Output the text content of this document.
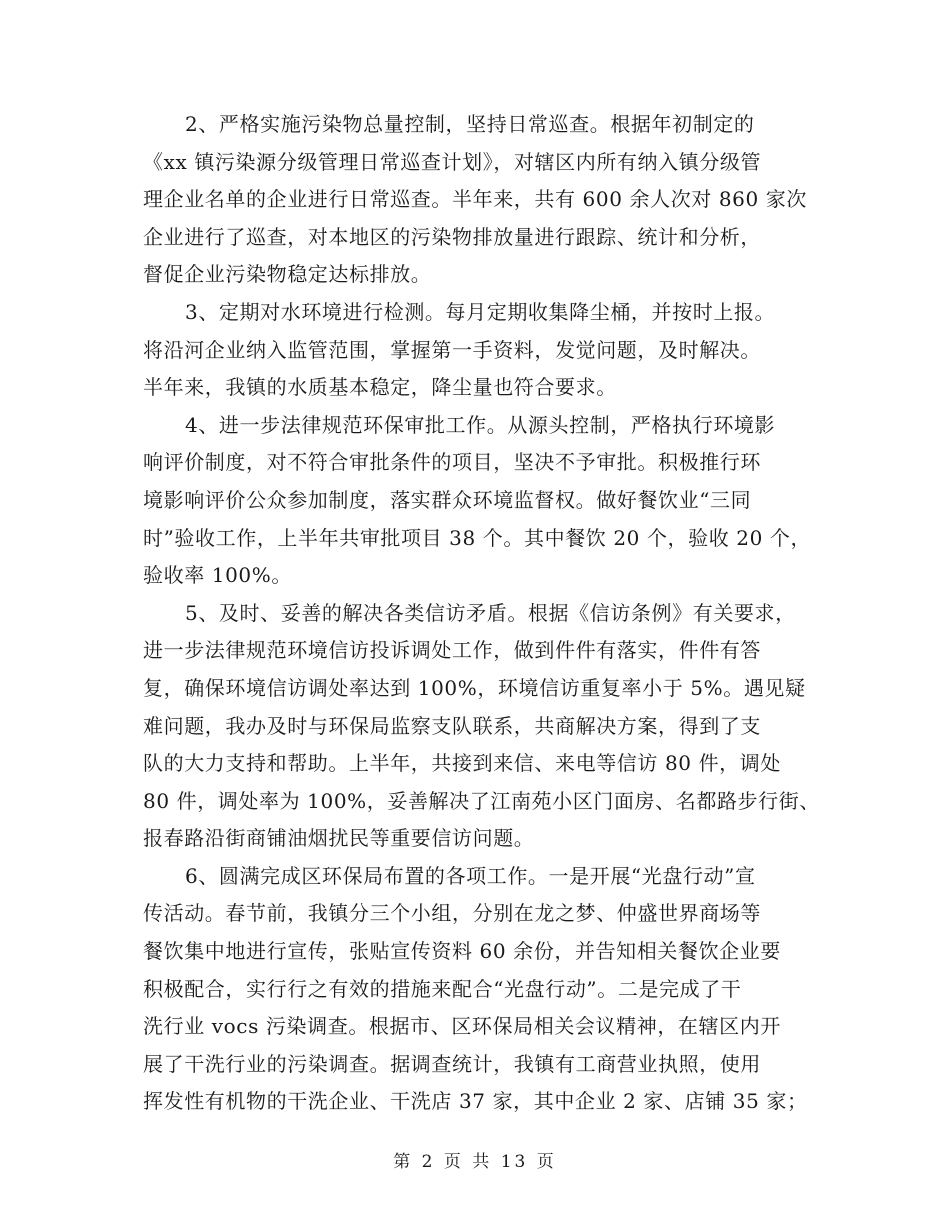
2、严格实施污染物总量控制，坚持日常巡查。根据年初制定的
《xx 镇污染源分级管理日常巡查计划》，对辖区内所有纳入镇分级管
理企业名单的企业进行日常巡查。半年来，共有 600 余人次对 860 家次
企业进行了巡查，对本地区的污染物排放量进行跟踪、统计和分析，
督促企业污染物稳定达标排放。
3、定期对水环境进行检测。每月定期收集降尘桶，并按时上报。
将沿河企业纳入监管范围，掌握第一手资料，发觉问题，及时解决。
半年来，我镇的水质基本稳定，降尘量也符合要求。
4、进一步法律规范环保审批工作。从源头控制，严格执行环境影
响评价制度，对不符合审批条件的项目，坚决不予审批。积极推行环
境影响评价公众参加制度，落实群众环境监督权。做好餐饮业“三同
时”验收工作，上半年共审批项目 38 个。其中餐饮 20 个，验收 20 个，
验收率 100%。
5、及时、妥善的解决各类信访矛盾。根据《信访条例》有关要求，
进一步法律规范环境信访投诉调处工作，做到件件有落实，件件有答
复，确保环境信访调处率达到 100%，环境信访重复率小于 5%。遇见疑
难问题，我办及时与环保局监察支队联系，共商解决方案，得到了支
队的大力支持和帮助。上半年，共接到来信、来电等信访 80 件，调处
80 件，调处率为 100%，妥善解决了江南苑小区门面房、名都路步行街、
报春路沿街商铺油烟扰民等重要信访问题。
6、圆满完成区环保局布置的各项工作。一是开展“光盘行动”宣
传活动。春节前，我镇分三个小组，分别在龙之梦、仲盛世界商场等
餐饮集中地进行宣传，张贴宣传资料 60 余份，并告知相关餐饮企业要
积极配合，实行行之有效的措施来配合“光盘行动”。二是完成了干
洗行业 vocs 污染调查。根据市、区环保局相关会议精神，在辖区内开
展了干洗行业的污染调查。据调查统计，我镇有工商营业执照，使用
挥发性有机物的干洗企业、干洗店 37 家，其中企业 2 家、店铺 35 家；
第 2 页 共 13 页
